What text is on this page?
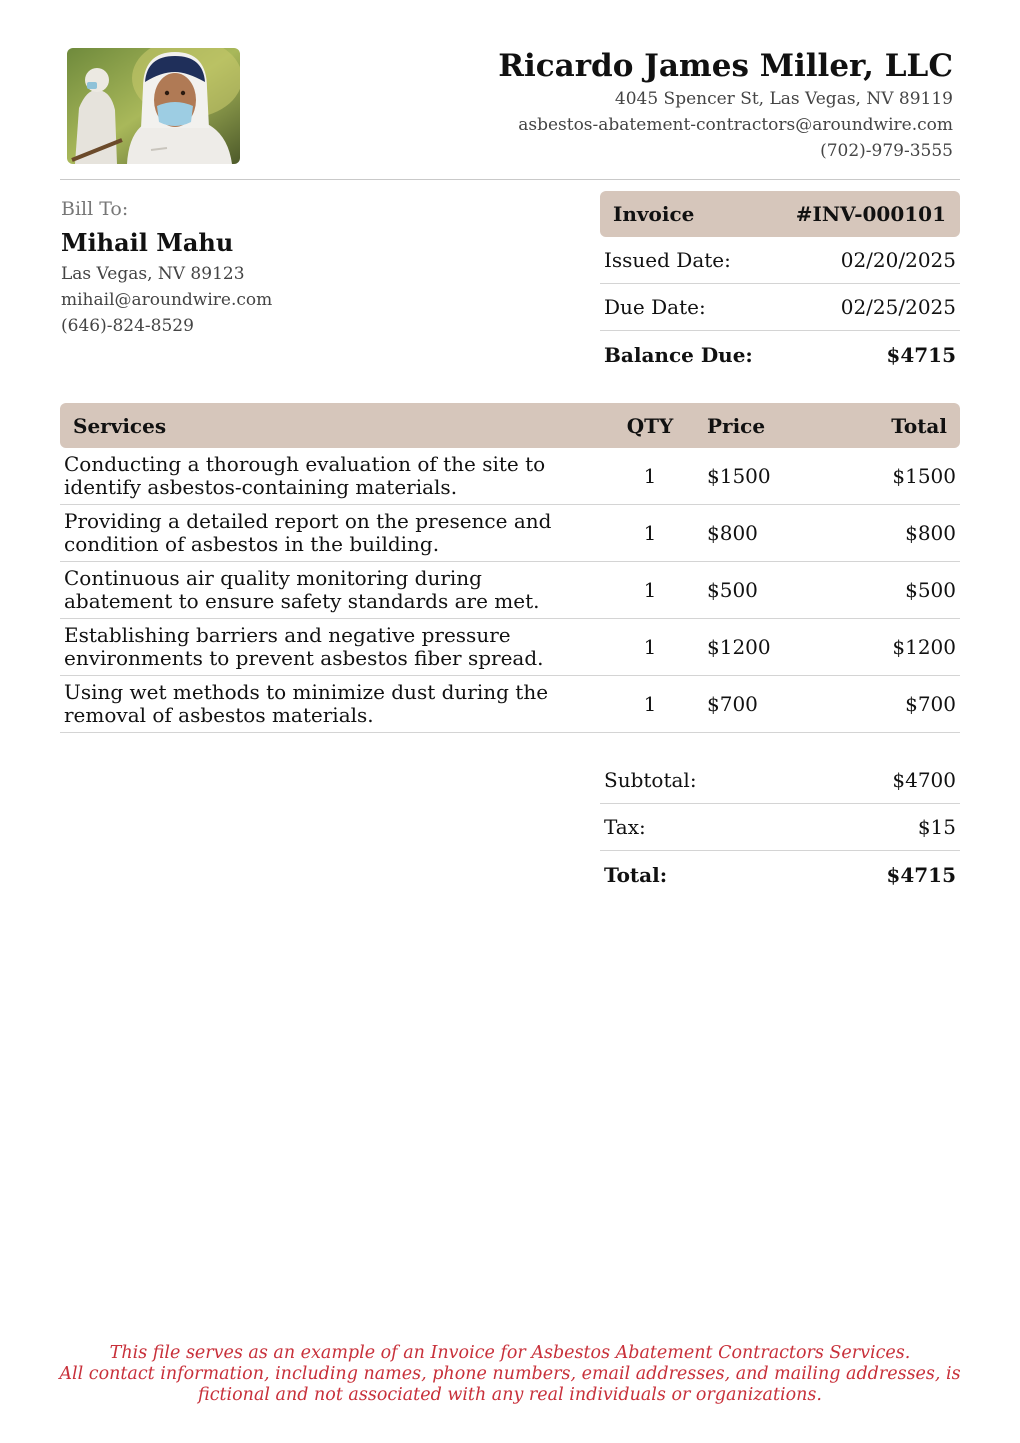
Ricardo James Miller, LLC
4045 Spencer St, Las Vegas, NV 89119
asbestos-abatement-contractors@aroundwire.com
(702)-979-3555
Bill To:
Mihail Mahu
Las Vegas, NV 89123
mihail@aroundwire.com
(646)-824-8529
Invoice	#INV-000101
Issued Date:	02/20/2025
Due Date:	02/25/2025
Balance Due:	$4715
Services	QTY	Price	Total
Conducting a thorough evaluation of the site to identify asbestos-containing materials.	1	$1500	$1500
Providing a detailed report on the presence and condition of asbestos in the building.	1	$800	$800
Continuous air quality monitoring during abatement to ensure safety standards are met.	1	$500	$500
Establishing barriers and negative pressure environments to prevent asbestos fiber spread.	1	$1200	$1200
Using wet methods to minimize dust during the removal of asbestos materials.	1	$700	$700
Subtotal:	$4700
Tax:	$15
Total:	$4715
This file serves as an example of an Invoice for Asbestos Abatement Contractors Services.
All contact information, including names, phone numbers, email addresses, and mailing addresses, is
fictional and not associated with any real individuals or organizations.
